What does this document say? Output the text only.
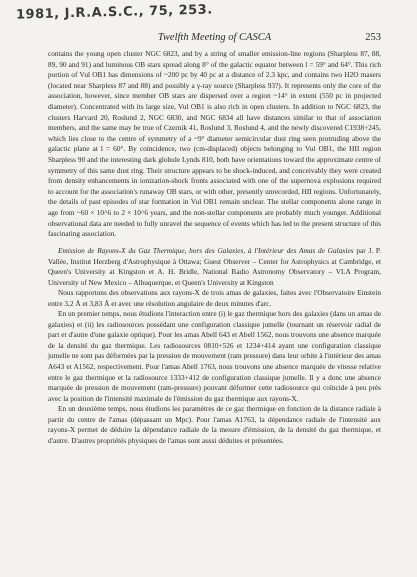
1981, J.R.A.S.C., 75, 253.
Twelfth Meeting of CASCA	253

contains the young open cluster NGC 6823, and by a string of smaller emission-line regions (Sharpless 87, 88, 89, 90 and 91) and luminous OB stars spread along 8° of the galactic equator between l = 59° and 64°. This rich portion of Vul OB1 has dimensions of ~200 pc by 40 pc at a distance of 2.3 kpc, and contains two H2O masers (located near Sharpless 87 and 88) and possibly a γ-ray source (Sharpless 93?). It represents only the core of the association, however, since member OB stars are dispersed over a region ~14° in extent (550 pc in projected diameter). Concentrated with its large size, Vul OB1 is also rich in open clusters. In addition to NGC 6823, the clusters Harvard 20, Roslund 2, NGC 6830, and NGC 6834 all have distances similar to that of association members, and the same may be true of Czernik 41, Roslund 3, Roslund 4, and the newly discovered C1938+245, which lies close to the centre of symmetry of a ~9° diameter semicircular dust ring seen protruding above the galactic plane at l = 60°. By coincidence, two (cm-displaced) objects belonging to Vul OB1, the HII region Sharpless 90 and the interesting dark globule Lynds 810, both have orientations toward the approximate centre of symmetry of this same dust ring. Their structure appears to be shock-induced, and conceivably they were created from density enhancements in ionization-shock fronts associated with one of the supernova explosions required to account for the association's runaway OB stars, or with other, presently unrecorded, HII regions. Unfortunately, the details of past episodes of star formation in Vul OB1 remain unclear. The stellar components alone range in age from ~60 × 10^6 to 2 × 10^6 years, and the non-stellar components are probably much younger. Additional observational data are needed to fully unravel the sequence of events which has led to the present structure of this fascinating association.

Emission de Rayons-X du Gaz Thermique, hors des Galaxies, à l'Intérieur des Amas de Galaxies par J. P. Vallée, Institut Herzberg d'Astrophysique à Ottawa; Guest Observer – Center for Astrophysics at Cambridge, et Queen's University at Kingston et A. H. Bridle, National Radio Astronomy Observatory – VLA Program, University of New Mexico – Albuquerque, et Queen's University at Kingston

Nous rapportons des observations aux rayons-X de trois amas de galaxies, faites avec l'Observatoire Einstein entre 3,2 Å et 3,83 Å et avec une résolution angulaire de deux minutes d'arc.

En un premier temps, nous étudions l'interaction entre (i) le gaz thermique hors des galaxies (dans un amas de galaxies) et (ii) les radiosources possédant une configuration classique jumelle (tournant un réservoir radial de part et d'autre d'une galaxie optique). Pour les amas Abell 643 et Abell 1562, nous trouvons une absence marquée de la densité du gaz thermique. Les radiosources 0810+526 et 1234+414 ayant une configuration classique jumelle ne sont pas déformées par la pression de mouvement (ram pressure) dans leur orbite à l'intérieur des amas A643 et A1562, respectivement. Pour l'amas Abell 1763, nous trouvons une absence marquée de vitesse relative entre le gaz thermique et la radiosource 1333+412 de configuration classique jumelle. Il y a donc une absence marquée de pression de mouvement (ram-pressure) pouvant déformer cette radiosource qui coïncide à peu près avec la position de l'intensité maximale de l'émission du gaz thermique aux rayons-X.

En un deuxième temps, nous étudions les paramètres de ce gaz thermique en fonction de la distance radiale à partir du centre de l'amas (dépassant un Mpc). Pour l'amas A1763, la dépendance radiale de l'intensité aux rayons-X permet de déduire la dépendance radiale de la mesure d'émission, de la densité du gaz thermique, et d'autre. D'autres propriétés physiques de l'amas sont aussi déduites et présentées.
